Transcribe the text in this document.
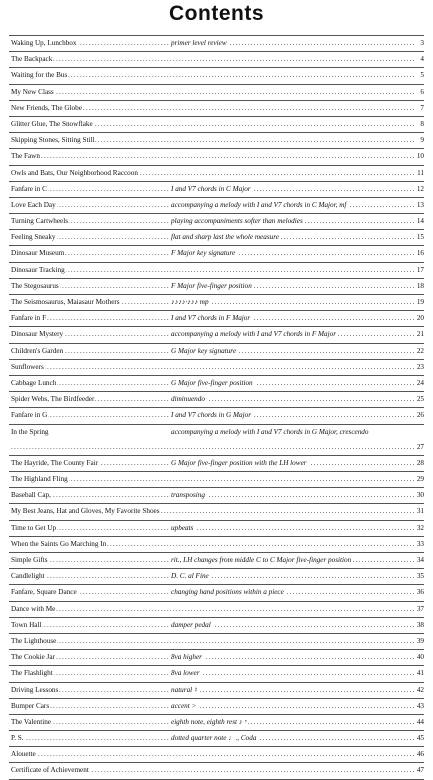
Contents
.....
Waking Up, Lunchbox	primer level review	3
.....
The Backpack	4
.....
Waiting for the Bus	5
.....
My New Class	6
.....
New Friends, The Globe	7
.....
Glitter Glue, The Snowflake	8
.....
Skipping Stones, Sitting Still	9
.....
The Fawn	10
.....
Owls and Bats, Our Neighborhood Raccoon	11
.....
Fanfare in C	I and V7 chords in C Major	12
.....
Love Each Day	accompanying a melody with I and V7 chords in C Major, mf	13
.....
Turning Cartwheels	playing accompaniments softer than melodies	14
.....
Feeling Sneaky	flat and sharp last the whole measure	15
.....
Dinosaur Museum	F Major key signature	16
.....
Dinosaur Tracking	17
.....
The Stegosaurus	F Major five-finger position	18
.....
The Seismosaurus, Maiasaur Mothers	♪♪♪♪·♪♪♪ mp	19
.....
Fanfare in F	I and V7 chords in F Major	20
.....
Dinosaur Mystery	accompanying a melody with I and V7 chords in F Major	21
.....
Children's Garden	G Major key signature	22
.....
Sunflowers	23
.....
Cabbage Lunch	G Major five-finger position	24
.....
Spider Webs, The Birdfeeder	diminuendo	25
.....
Fanfare in G	I and V7 chords in G Major	26
.....
In the Spring	accompanying a melody with I and V7 chords in G Major, crescendo
27
.....
The Hayride, The County Fair	G Major five-finger position with the LH lower	28
.....
The Highland Fling	29
.....
Baseball Cap,	transposing	30
.....
My Best Jeans, Hat and Gloves, My Favorite Shoes	31
.....
Time to Get Up	upbeats	32
.....
When the Saints Go Marching In	33
.....
Simple Gifts	rit., LH changes from middle C to C Major five-finger position	34
.....
Candlelight	D. C. al Fine	35
.....
Fanfare, Square Dance	changing hand positions within a piece	36
.....
Dance with Me	37
.....
Town Hall	damper pedal	38
.....
The Lighthouse	39
.....
The Cookie Jar	8va higher	40
.....
The Flashlight	8va lower	41
.....
Driving Lessons	natural ♮	42
.....
Bumper Cars	accent >	43
.....
The Valentine	eighth note, eighth rest ♪ 𝄾	44
.....
P. S.	dotted quarter note ♩., Coda	45
.....
Alouette	46
.....
Certificate of Achievement	47
